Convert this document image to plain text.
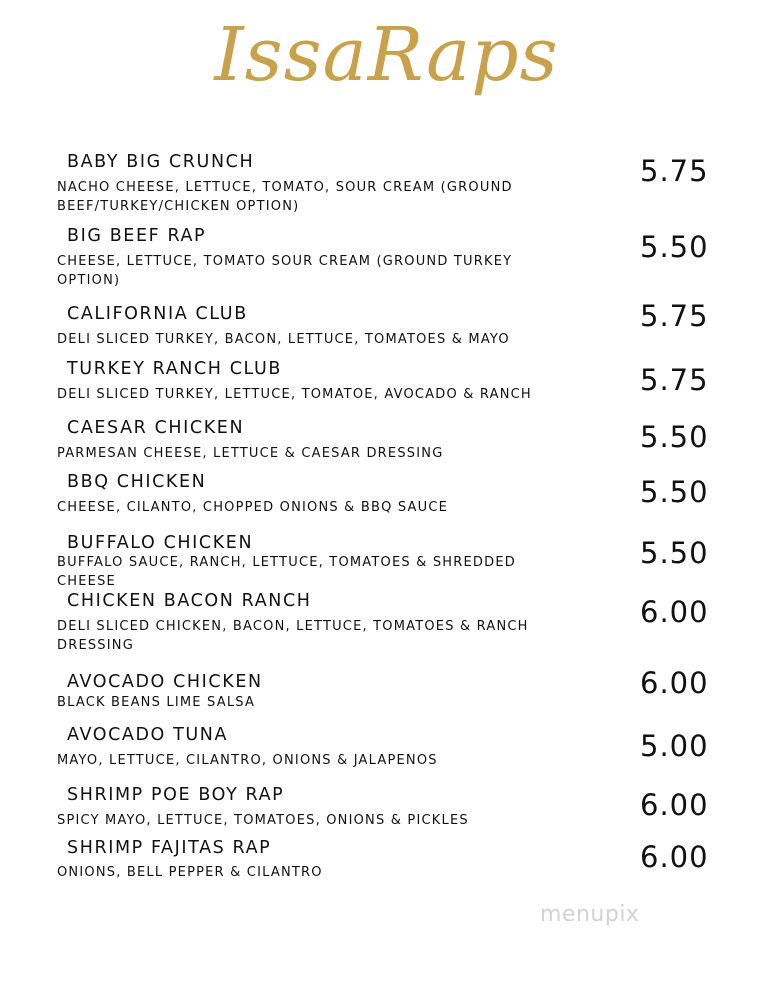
IssaRaps
BABY BIG CRUNCH
NACHO CHEESE, LETTUCE, TOMATO, SOUR CREAM (GROUND BEEF/TURKEY/CHICKEN OPTION)
5.75
BIG BEEF RAP
CHEESE, LETTUCE, TOMATO SOUR CREAM (GROUND TURKEY OPTION)
5.50
CALIFORNIA CLUB
DELI SLICED TURKEY, BACON, LETTUCE, TOMATOES & MAYO
5.75
TURKEY RANCH CLUB
DELI SLICED TURKEY, LETTUCE, TOMATOE, AVOCADO & RANCH	5.75
CAESAR CHICKEN
PARMESAN CHEESE, LETTUCE & CAESAR DRESSING	5.50
BBQ CHICKEN
CHEESE, CILANTO, CHOPPED ONIONS & BBQ SAUCE	5.50
BUFFALO CHICKEN
BUFFALO SAUCE, RANCH, LETTUCE, TOMATOES & SHREDDED CHEESE
5.50
CHICKEN BACON RANCH
DELI SLICED CHICKEN, BACON, LETTUCE, TOMATOES & RANCH DRESSING
6.00
AVOCADO CHICKEN
BLACK BEANS LIME SALSA
6.00
AVOCADO TUNA
MAYO, LETTUCE, CILANTRO, ONIONS & JALAPENOS	5.00
SHRIMP POE BOY RAP
SPICY MAYO, LETTUCE, TOMATOES, ONIONS & PICKLES	6.00
SHRIMP FAJITAS RAP
ONIONS, BELL PEPPER & CILANTRO	6.00
menupix
